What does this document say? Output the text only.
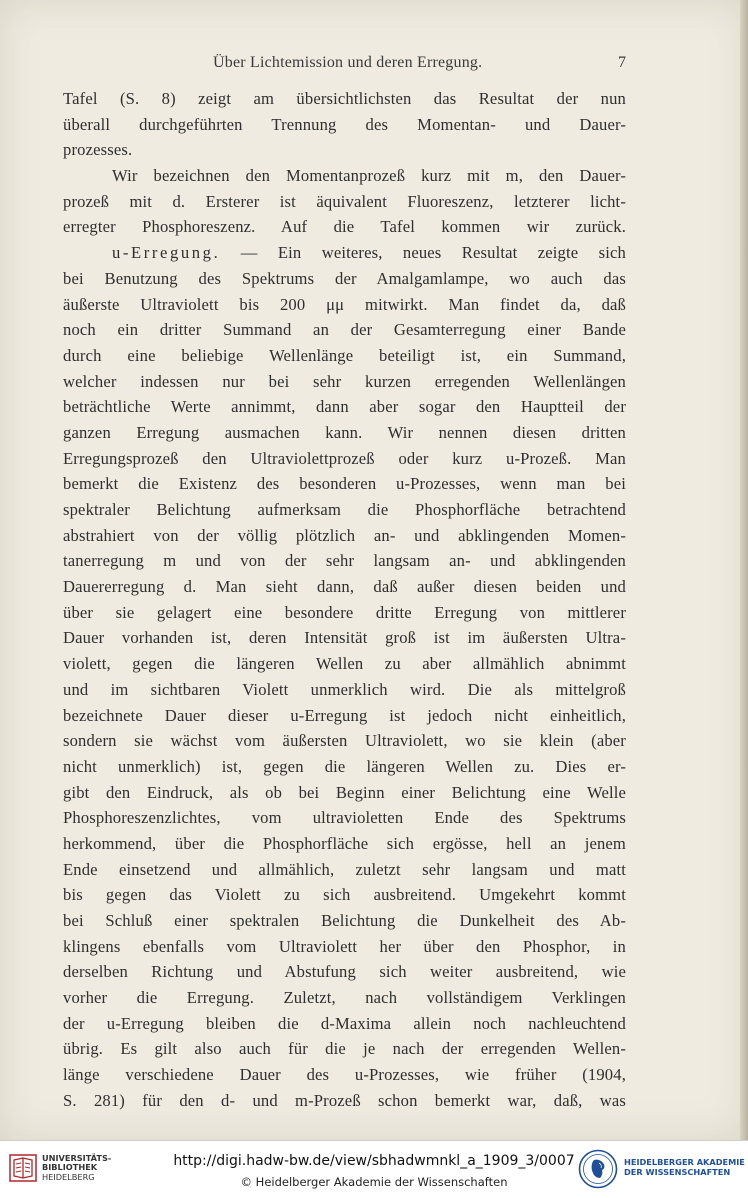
Über Lichtemission und deren Erregung.	7
Tafel (S. 8) zeigt am übersichtlichsten das Resultat der nun
überall durchgeführten Trennung des Momentan- und Dauer-
prozesses.
Wir bezeichnen den Momentanprozeß kurz mit m, den Dauer-
prozeß mit d. Ersterer ist äquivalent Fluoreszenz, letzterer licht-
erregter Phosphoreszenz. Auf die Tafel kommen wir zurück.
u-Erregung. — Ein weiteres, neues Resultat zeigte sich
bei Benutzung des Spektrums der Amalgamlampe, wo auch das
äußerste Ultraviolett bis 200 μμ mitwirkt. Man findet da, daß
noch ein dritter Summand an der Gesamterregung einer Bande
durch eine beliebige Wellenlänge beteiligt ist, ein Summand,
welcher indessen nur bei sehr kurzen erregenden Wellenlängen
beträchtliche Werte annimmt, dann aber sogar den Hauptteil der
ganzen Erregung ausmachen kann. Wir nennen diesen dritten
Erregungsprozeß den Ultraviolettprozeß oder kurz u-Prozeß. Man
bemerkt die Existenz des besonderen u-Prozesses, wenn man bei
spektraler Belichtung aufmerksam die Phosphorfläche betrachtend
abstrahiert von der völlig plötzlich an- und abklingenden Momen-
tanerregung m und von der sehr langsam an- und abklingenden
Dauererregung d. Man sieht dann, daß außer diesen beiden und
über sie gelagert eine besondere dritte Erregung von mittlerer
Dauer vorhanden ist, deren Intensität groß ist im äußersten Ultra-
violett, gegen die längeren Wellen zu aber allmählich abnimmt
und im sichtbaren Violett unmerklich wird. Die als mittelgroß
bezeichnete Dauer dieser u-Erregung ist jedoch nicht einheitlich,
sondern sie wächst vom äußersten Ultraviolett, wo sie klein (aber
nicht unmerklich) ist, gegen die längeren Wellen zu. Dies er-
gibt den Eindruck, als ob bei Beginn einer Belichtung eine Welle
Phosphoreszenzlichtes, vom ultravioletten Ende des Spektrums
herkommend, über die Phosphorfläche sich ergösse, hell an jenem
Ende einsetzend und allmählich, zuletzt sehr langsam und matt
bis gegen das Violett zu sich ausbreitend. Umgekehrt kommt
bei Schluß einer spektralen Belichtung die Dunkelheit des Ab-
klingens ebenfalls vom Ultraviolett her über den Phosphor, in
derselben Richtung und Abstufung sich weiter ausbreitend, wie
vorher die Erregung. Zuletzt, nach vollständigem Verklingen
der u-Erregung bleiben die d-Maxima allein noch nachleuchtend
übrig. Es gilt also auch für die je nach der erregenden Wellen-
länge verschiedene Dauer des u-Prozesses, wie früher (1904,
S. 281) für den d- und m-Prozeß schon bemerkt war, daß, was
UNIVERSITÄTS-
BIBLIOTHEK
HEIDELBERG
http://digi.hadw-bw.de/view/sbhadwmnkl_a_1909_3/0007
© Heidelberger Akademie der Wissenschaften
HEIDELBERGER AKADEMIE
DER WISSENSCHAFTEN
